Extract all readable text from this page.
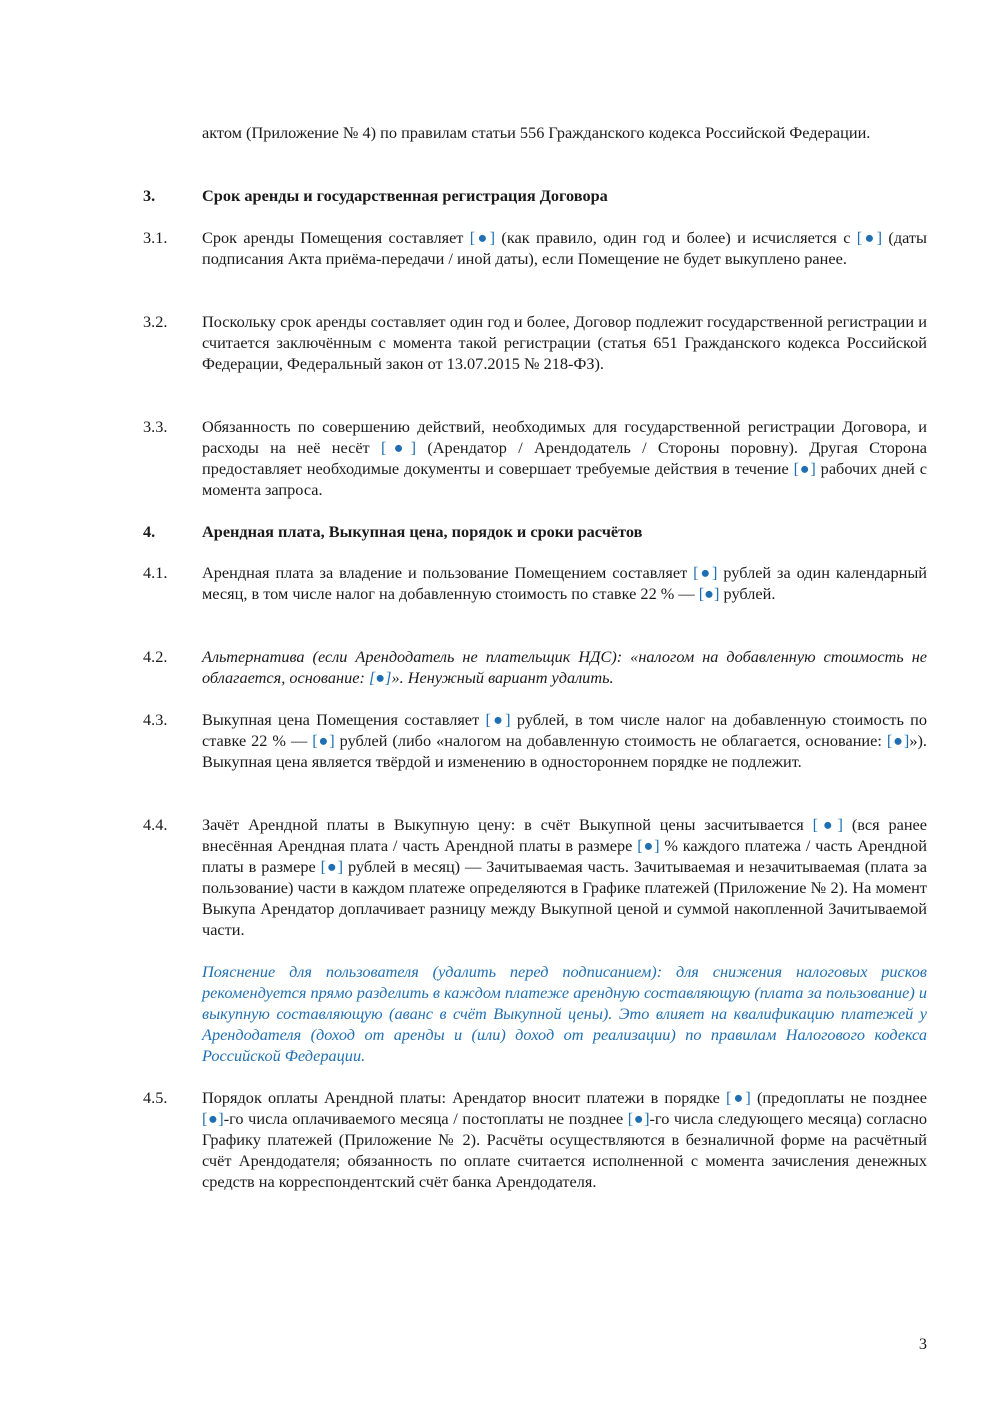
актом (Приложение № 4) по правилам статьи 556 Гражданского кодекса Российской Федерации.
3.	Срок аренды и государственная регистрация Договора
3.1. Срок аренды Помещения составляет [●] (как правило, один год и более) и исчисляется с [●] (даты подписания Акта приёма-передачи / иной даты), если Помещение не будет выкуплено ранее.
3.2. Поскольку срок аренды составляет один год и более, Договор подлежит государственной регистрации и считается заключённым с момента такой регистрации (статья 651 Гражданского кодекса Российской Федерации, Федеральный закон от 13.07.2015 № 218-ФЗ).
3.3. Обязанность по совершению действий, необходимых для государственной регистрации Договора, и расходы на неё несёт [●] (Арендатор / Арендодатель / Стороны поровну). Другая Сторона предоставляет необходимые документы и совершает требуемые действия в течение [●] рабочих дней с момента запроса.
4.	Арендная плата, Выкупная цена, порядок и сроки расчётов
4.1. Арендная плата за владение и пользование Помещением составляет [●] рублей за один календарный месяц, в том числе налог на добавленную стоимость по ставке 22 % — [●] рублей.
4.2. Альтернатива (если Арендодатель не плательщик НДС): «налогом на добавленную стоимость не облагается, основание: [●]». Ненужный вариант удалить.
4.3. Выкупная цена Помещения составляет [●] рублей, в том числе налог на добавленную стоимость по ставке 22 % — [●] рублей (либо «налогом на добавленную стоимость не облагается, основание: [●]»). Выкупная цена является твёрдой и изменению в одностороннем порядке не подлежит.
4.4. Зачёт Арендной платы в Выкупную цену: в счёт Выкупной цены засчитывается [●] (вся ранее внесённая Арендная плата / часть Арендной платы в размере [●] % каждого платежа / часть Арендной платы в размере [●] рублей в месяц) — Зачитываемая часть. Зачитываемая и незачитываемая (плата за пользование) части в каждом платеже определяются в Графике платежей (Приложение № 2). На момент Выкупа Арендатор доплачивает разницу между Выкупной ценой и суммой накопленной Зачитываемой части.
Пояснение для пользователя (удалить перед подписанием): для снижения налоговых рисков рекомендуется прямо разделить в каждом платеже арендную составляющую (плата за пользование) и выкупную составляющую (аванс в счёт Выкупной цены). Это влияет на квалификацию платежей у Арендодателя (доход от аренды и (или) доход от реализации) по правилам Налогового кодекса Российской Федерации.
4.5. Порядок оплаты Арендной платы: Арендатор вносит платежи в порядке [●] (предоплаты не позднее [●]-го числа оплачиваемого месяца / постоплаты не позднее [●]-го числа следующего месяца) согласно Графику платежей (Приложение № 2). Расчёты осуществляются в безналичной форме на расчётный счёт Арендодателя; обязанность по оплате считается исполненной с момента зачисления денежных средств на корреспондентский счёт банка Арендодателя.
3
